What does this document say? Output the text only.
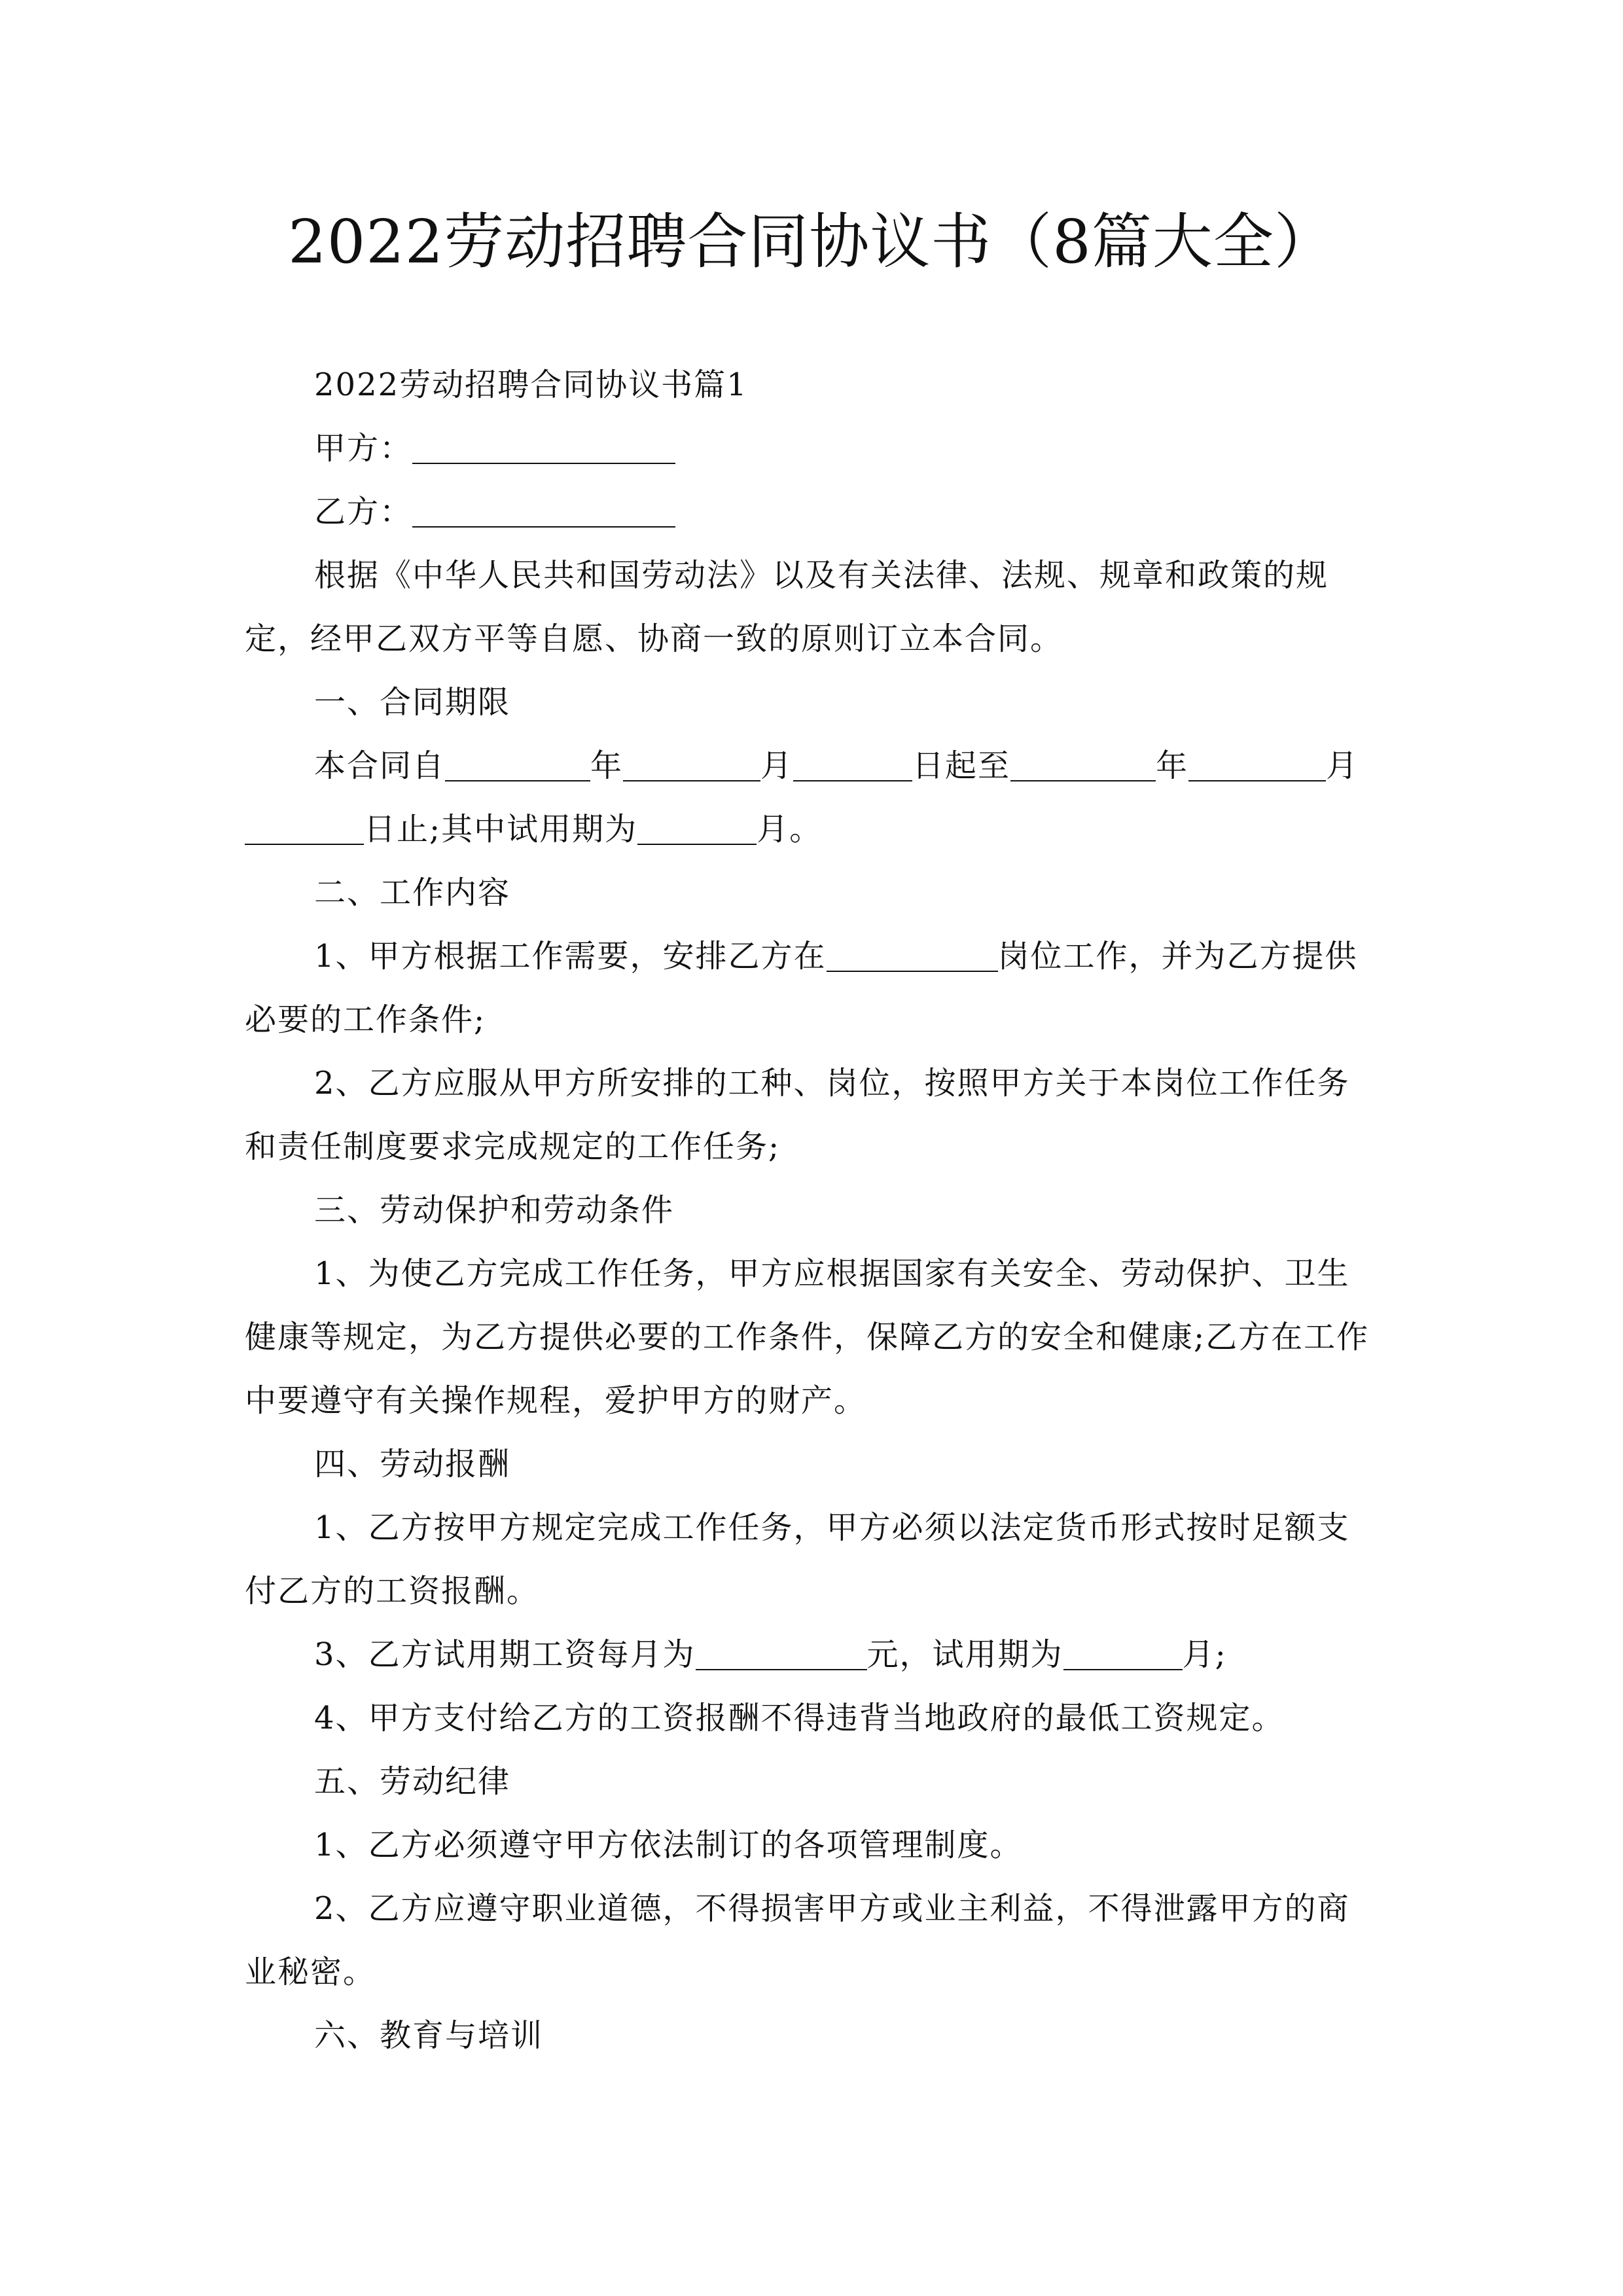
2022劳动招聘合同协议书（8篇大全）

2022劳动招聘合同协议书篇1

甲方：

乙方：

根据《中华人民共和国劳动法》以及有关法律、法规、规章和政策的规定，经甲乙双方平等自愿、协商一致的原则订立本合同。

一、合同期限

本合同自	年	月	日起至	年	月日止;其中试用期为	月。

二、工作内容

1、甲方根据工作需要，安排乙方在	岗位工作，并为乙方提供必要的工作条件;

2、乙方应服从甲方所安排的工种、岗位，按照甲方关于本岗位工作任务和责任制度要求完成规定的工作任务;

三、劳动保护和劳动条件

1、为使乙方完成工作任务，甲方应根据国家有关安全、劳动保护、卫生健康等规定，为乙方提供必要的工作条件，保障乙方的安全和健康;乙方在工作中要遵守有关操作规程，爱护甲方的财产。

四、劳动报酬

1、乙方按甲方规定完成工作任务，甲方必须以法定货币形式按时足额支付乙方的工资报酬。

3、乙方试用期工资每月为	元，试用期为	月;

4、甲方支付给乙方的工资报酬不得违背当地政府的最低工资规定。

五、劳动纪律

1、乙方必须遵守甲方依法制订的各项管理制度。

2、乙方应遵守职业道德，不得损害甲方或业主利益，不得泄露甲方的商业秘密。

六、教育与培训
